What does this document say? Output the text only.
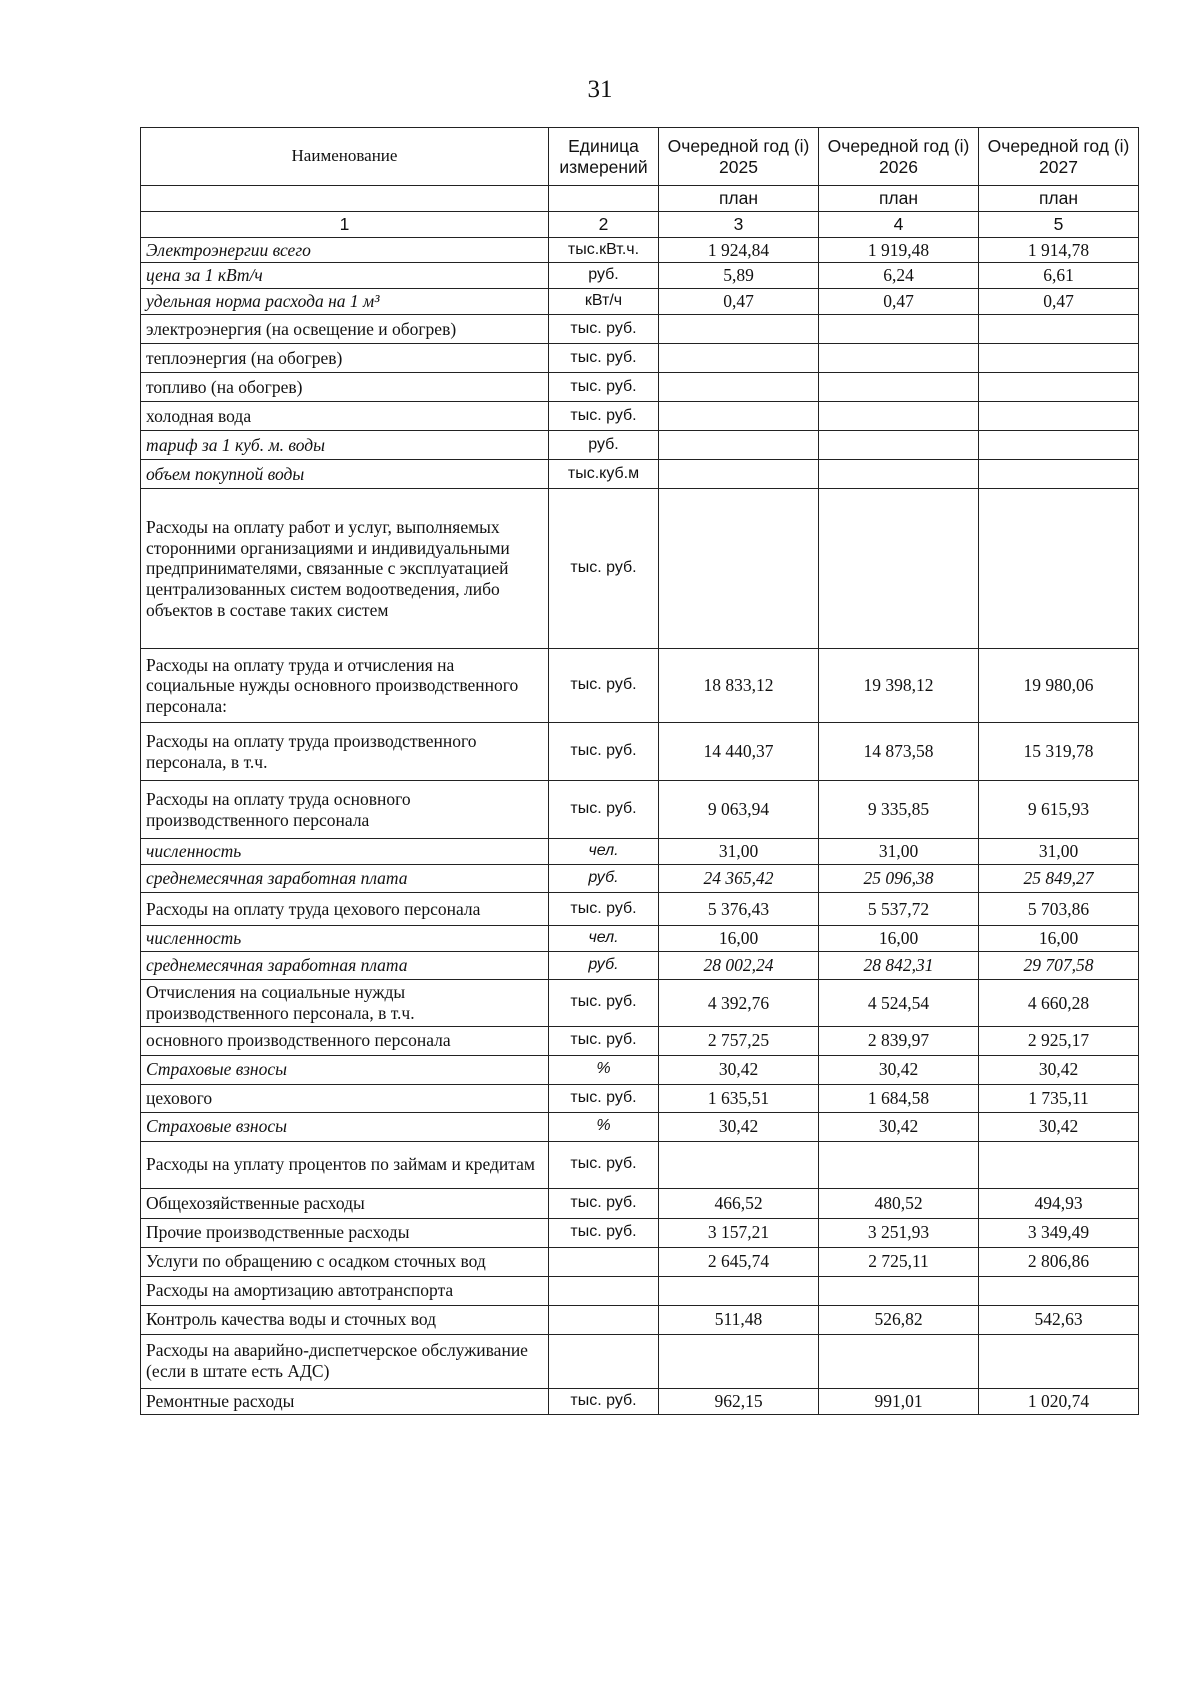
31
Наименование	Единица измерений	Очередной год (i) 2025	Очередной год (i) 2026	Очередной год (i) 2027
		план	план	план
1	2	3	4	5
Электроэнергии всего	тыс.кВт.ч.	1 924,84	1 919,48	1 914,78
цена за 1 кВт/ч	руб.	5,89	6,24	6,61
удельная норма расхода на 1 м³	кВт/ч	0,47	0,47	0,47
электроэнергия (на освещение и обогрев)	тыс. руб.			
теплоэнергия (на обогрев)	тыс. руб.			
топливо (на обогрев)	тыс. руб.			
холодная вода	тыс. руб.			
тариф за 1 куб. м. воды	руб.			
объем покупной воды	тыс.куб.м			
Расходы на оплату работ и услуг, выполняемых сторонними организациями и индивидуальными предпринимателями, связанные с эксплуатацией централизованных систем водоотведения, либо объектов в составе таких систем	тыс. руб.			
Расходы на оплату труда и отчисления на социальные нужды основного производственного персонала:	тыс. руб.	18 833,12	19 398,12	19 980,06
Расходы на оплату труда производственного персонала, в т.ч.	тыс. руб.	14 440,37	14 873,58	15 319,78
Расходы на оплату труда основного производственного персонала	тыс. руб.	9 063,94	9 335,85	9 615,93
численность	чел.	31,00	31,00	31,00
среднемесячная заработная плата	руб.	24 365,42	25 096,38	25 849,27
Расходы на оплату труда цехового персонала	тыс. руб.	5 376,43	5 537,72	5 703,86
численность	чел.	16,00	16,00	16,00
среднемесячная заработная плата	руб.	28 002,24	28 842,31	29 707,58
Отчисления на социальные нужды производственного персонала, в т.ч.	тыс. руб.	4 392,76	4 524,54	4 660,28
основного производственного персонала	тыс. руб.	2 757,25	2 839,97	2 925,17
Страховые взносы	%	30,42	30,42	30,42
цехового	тыс. руб.	1 635,51	1 684,58	1 735,11
Страховые взносы	%	30,42	30,42	30,42
Расходы на уплату процентов по займам и кредитам	тыс. руб.			
Общехозяйственные расходы	тыс. руб.	466,52	480,52	494,93
Прочие производственные расходы	тыс. руб.	3 157,21	3 251,93	3 349,49
Услуги по обращению с осадком сточных вод		2 645,74	2 725,11	2 806,86
Расходы на амортизацию автотранспорта				
Контроль качества воды и сточных вод		511,48	526,82	542,63
Расходы на аварийно-диспетчерское обслуживание (если в штате есть АДС)				
Ремонтные расходы	тыс. руб.	962,15	991,01	1 020,74
